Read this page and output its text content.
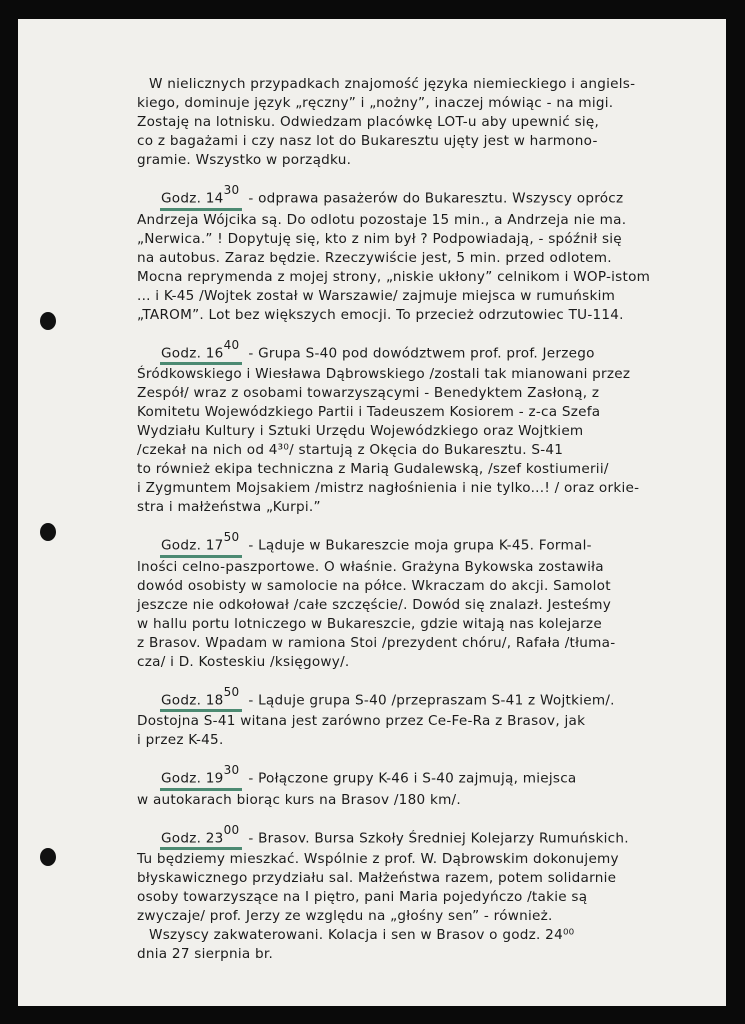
W nielicznych przypadkach znajomość języka niemieckiego i angiels-

kiego, dominuje język „ręczny” i „nożny”, inaczej mówiąc - na migi.

Zostaję na lotnisku. Odwiedzam placówkę LOT-u aby upewnić się,

co z bagażami i czy nasz lot do Bukaresztu ujęty jest w harmono-

gramie. Wszystko w porządku.

Godz. $14^{30}-$ odprawa pasażerów do Bukaresztu. Wszyscy oprócz

Andrzeja Wójcika są. Do odlotu pozostaje 15 min., a Andrzeja nie ma.

„Nerwica.” ! Dopytuję się, kto z nim był ? Podpowiadają, - spóźnił się

na autobus. Zaraz będzie. Rzeczywiście jest, 5 min. przed odlotem.

Mocna reprymenda z mojej strony, „niskie ukłony” celnikom i WOP-istom

... i K-45 /Wojtek został w Warszawie/ zajmuje miejsca w rumuńskim

„TAROM”. Lot bez większych emocji. To przecież odrzutowiec TU-114.

Godz. $16^{40}-$ Grupa S-40 pod dowództwem prof. prof. Jerzego

Śródkowskiego i Wiesława Dąbrowskiego /zostali tak mianowani przez

Zespół/ wraz z osobami towarzyszącymi - Benedyktem Zasłoną, z

Komitetu Wojewódzkiego Partii i Tadeuszem Kosiorem - z-ca Szefa

Wydziału Kultury i Sztuki Urzędu Wojewódzkiego oraz Wojtkiem

/czekał na nich od 4³⁰/ startują z Okęcia do Bukaresztu. S-41

to również ekipa techniczna z Marią Gudalewską, /szef kostiumerii/

i Zygmuntem Mojsakiem /mistrz nagłośnienia i nie tylko...! / oraz orkie-

stra i małżeństwa „Kurpi.”

Godz. $17^{50}-$ Ląduje w Bukareszcie moja grupa K-45. Formal-

lności celno-paszportowe. O właśnie. Grażyna Bykowska zostawiła

dowód osobisty w samolocie na półce. Wkraczam do akcji. Samolot

jeszcze nie odkołował /całe szczęście/. Dowód się znalazł. Jesteśmy

w hallu portu lotniczego w Bukareszcie, gdzie witają nas kolejarze

z Brasov. Wpadam w ramiona Stoi /prezydent chóru/, Rafała /tłuma-

cza/ i D. Kosteskiu /księgowy/.

Godz. $18^{50}-$ Ląduje grupa S-40 /przepraszam S-41 z Wojtkiem/.

Dostojna S-41 witana jest zarówno przez Ce-Fe-Ra z Brasov, jak

i przez K-45.

Godz. $19^{30}-$ Połączone grupy K-46 i S-40 zajmują, miejsca

w autokarach biorąc kurs na Brasov /180 km/.

Godz. $23^{00}-$ Brasov. Bursa Szkoły Średniej Kolejarzy Rumuńskich.

Tu będziemy mieszkać. Wspólnie z prof. W. Dąbrowskim dokonujemy

błyskawicznego przydziału sal. Małżeństwa razem, potem solidarnie

osoby towarzyszące na I piętro, pani Maria pojedyńczo /takie są

zwyczaje/ prof. Jerzy ze względu na „głośny sen” - również.

Wszyscy zakwaterowani. Kolacja i sen w Brasov o godz. 24⁰⁰

dnia 27 sierpnia br.
